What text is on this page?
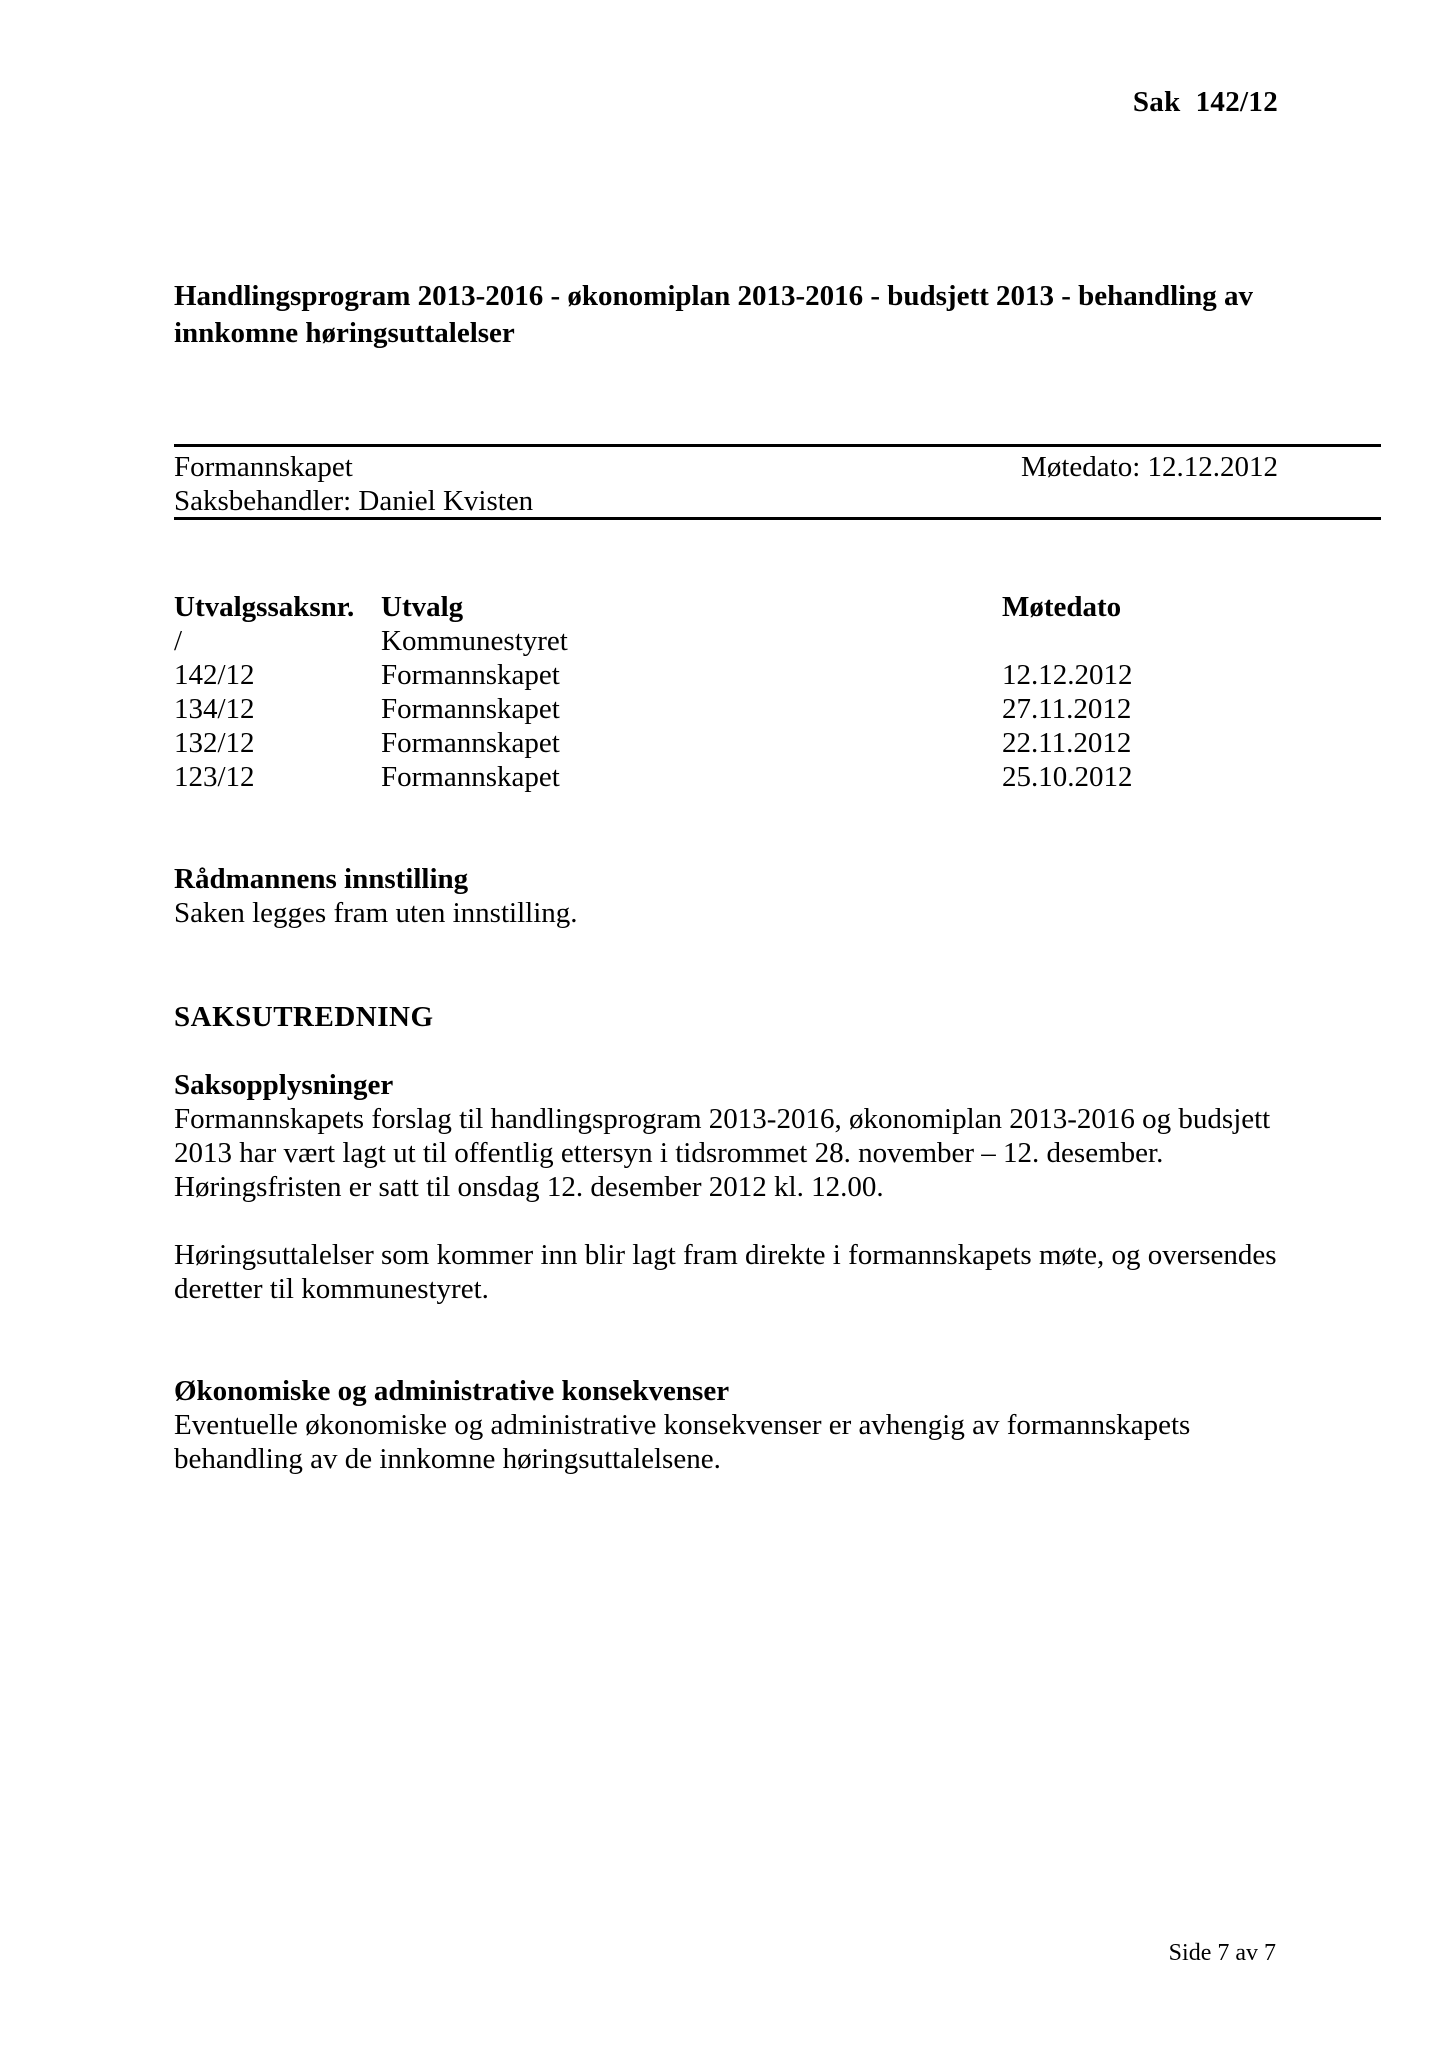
Sak  142/12
Handlingsprogram 2013-2016 - økonomiplan 2013-2016 - budsjett 2013 - behandling av innkomne høringsuttalelser
Formannskapet	Møtedato: 12.12.2012
Saksbehandler: Daniel Kvisten
Utvalgssaksnr. Utvalg	Møtedato
/	Kommunestyret
142/12	Formannskapet	12.12.2012
134/12	Formannskapet	27.11.2012
132/12	Formannskapet	22.11.2012
123/12	Formannskapet	25.10.2012
Rådmannens innstilling
Saken legges fram uten innstilling.
SAKSUTREDNING
Saksopplysninger
Formannskapets forslag til handlingsprogram 2013-2016, økonomiplan 2013-2016 og budsjett 2013 har vært lagt ut til offentlig ettersyn i tidsrommet 28. november – 12. desember. Høringsfristen er satt til onsdag 12. desember 2012 kl. 12.00.
Høringsuttalelser som kommer inn blir lagt fram direkte i formannskapets møte, og oversendes deretter til kommunestyret.
Økonomiske og administrative konsekvenser
Eventuelle økonomiske og administrative konsekvenser er avhengig av formannskapets behandling av de innkomne høringsuttalelsene.
Side 7 av 7
